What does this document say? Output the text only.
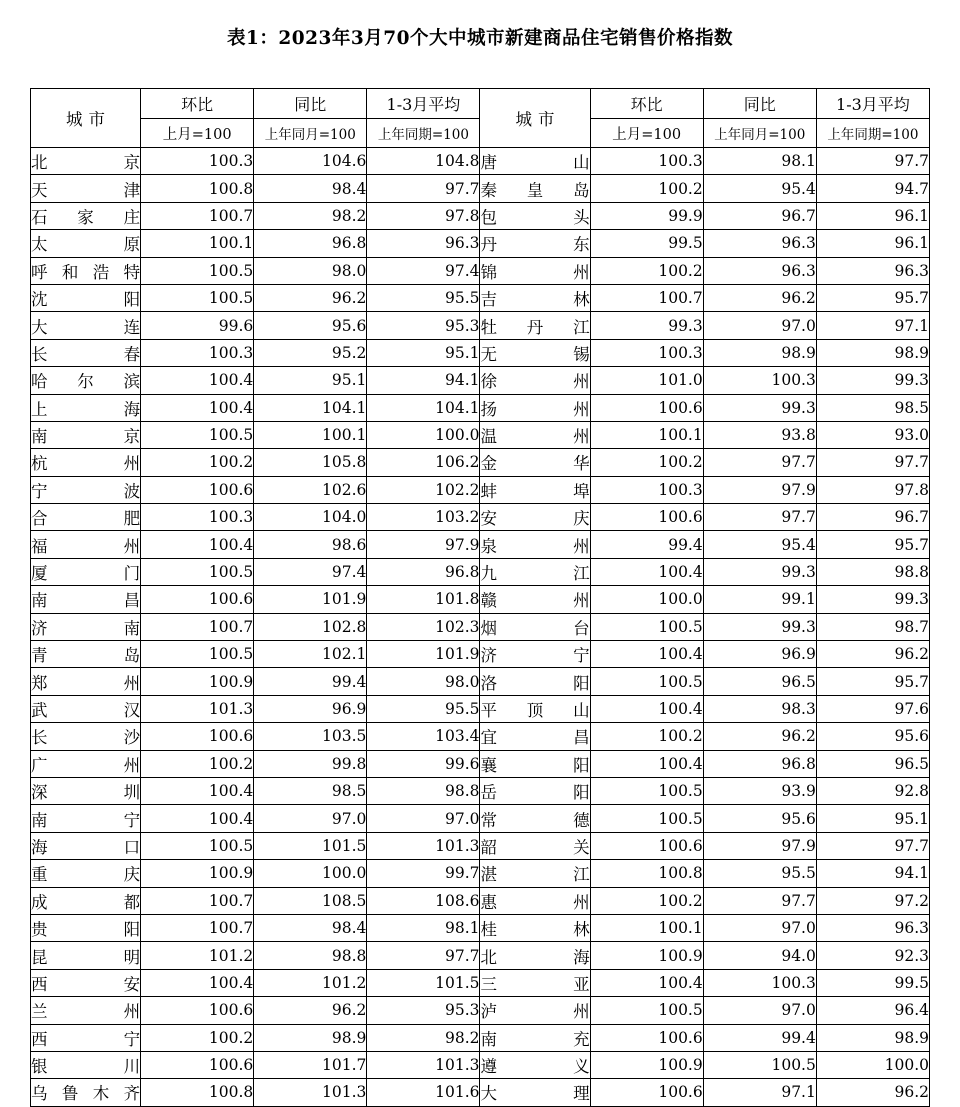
表1：2023年3月70个大中城市新建商品住宅销售价格指数
城市	环比	同比	1-3月平均	城市	环比	同比	1-3月平均
	上月=100	上年同月=100	上年同期=100		上月=100	上年同月=100	上年同期=100
北京	100.3	104.6	104.8	唐山	100.3	98.1	97.7
天津	100.8	98.4	97.7	秦皇岛	100.2	95.4	94.7
石家庄	100.7	98.2	97.8	包头	99.9	96.7	96.1
太原	100.1	96.8	96.3	丹东	99.5	96.3	96.1
呼和浩特	100.5	98.0	97.4	锦州	100.2	96.3	96.3
沈阳	100.5	96.2	95.5	吉林	100.7	96.2	95.7
大连	99.6	95.6	95.3	牡丹江	99.3	97.0	97.1
长春	100.3	95.2	95.1	无锡	100.3	98.9	98.9
哈尔滨	100.4	95.1	94.1	徐州	101.0	100.3	99.3
上海	100.4	104.1	104.1	扬州	100.6	99.3	98.5
南京	100.5	100.1	100.0	温州	100.1	93.8	93.0
杭州	100.2	105.8	106.2	金华	100.2	97.7	97.7
宁波	100.6	102.6	102.2	蚌埠	100.3	97.9	97.8
合肥	100.3	104.0	103.2	安庆	100.6	97.7	96.7
福州	100.4	98.6	97.9	泉州	99.4	95.4	95.7
厦门	100.5	97.4	96.8	九江	100.4	99.3	98.8
南昌	100.6	101.9	101.8	赣州	100.0	99.1	99.3
济南	100.7	102.8	102.3	烟台	100.5	99.3	98.7
青岛	100.5	102.1	101.9	济宁	100.4	96.9	96.2
郑州	100.9	99.4	98.0	洛阳	100.5	96.5	95.7
武汉	101.3	96.9	95.5	平顶山	100.4	98.3	97.6
长沙	100.6	103.5	103.4	宜昌	100.2	96.2	95.6
广州	100.2	99.8	99.6	襄阳	100.4	96.8	96.5
深圳	100.4	98.5	98.8	岳阳	100.5	93.9	92.8
南宁	100.4	97.0	97.0	常德	100.5	95.6	95.1
海口	100.5	101.5	101.3	韶关	100.6	97.9	97.7
重庆	100.9	100.0	99.7	湛江	100.8	95.5	94.1
成都	100.7	108.5	108.6	惠州	100.2	97.7	97.2
贵阳	100.7	98.4	98.1	桂林	100.1	97.0	96.3
昆明	101.2	98.8	97.7	北海	100.9	94.0	92.3
西安	100.4	101.2	101.5	三亚	100.4	100.3	99.5
兰州	100.6	96.2	95.3	泸州	100.5	97.0	96.4
西宁	100.2	98.9	98.2	南充	100.6	99.4	98.9
银川	100.6	101.7	101.3	遵义	100.9	100.5	100.0
乌鲁木齐	100.8	101.3	101.6	大理	100.6	97.1	96.2
